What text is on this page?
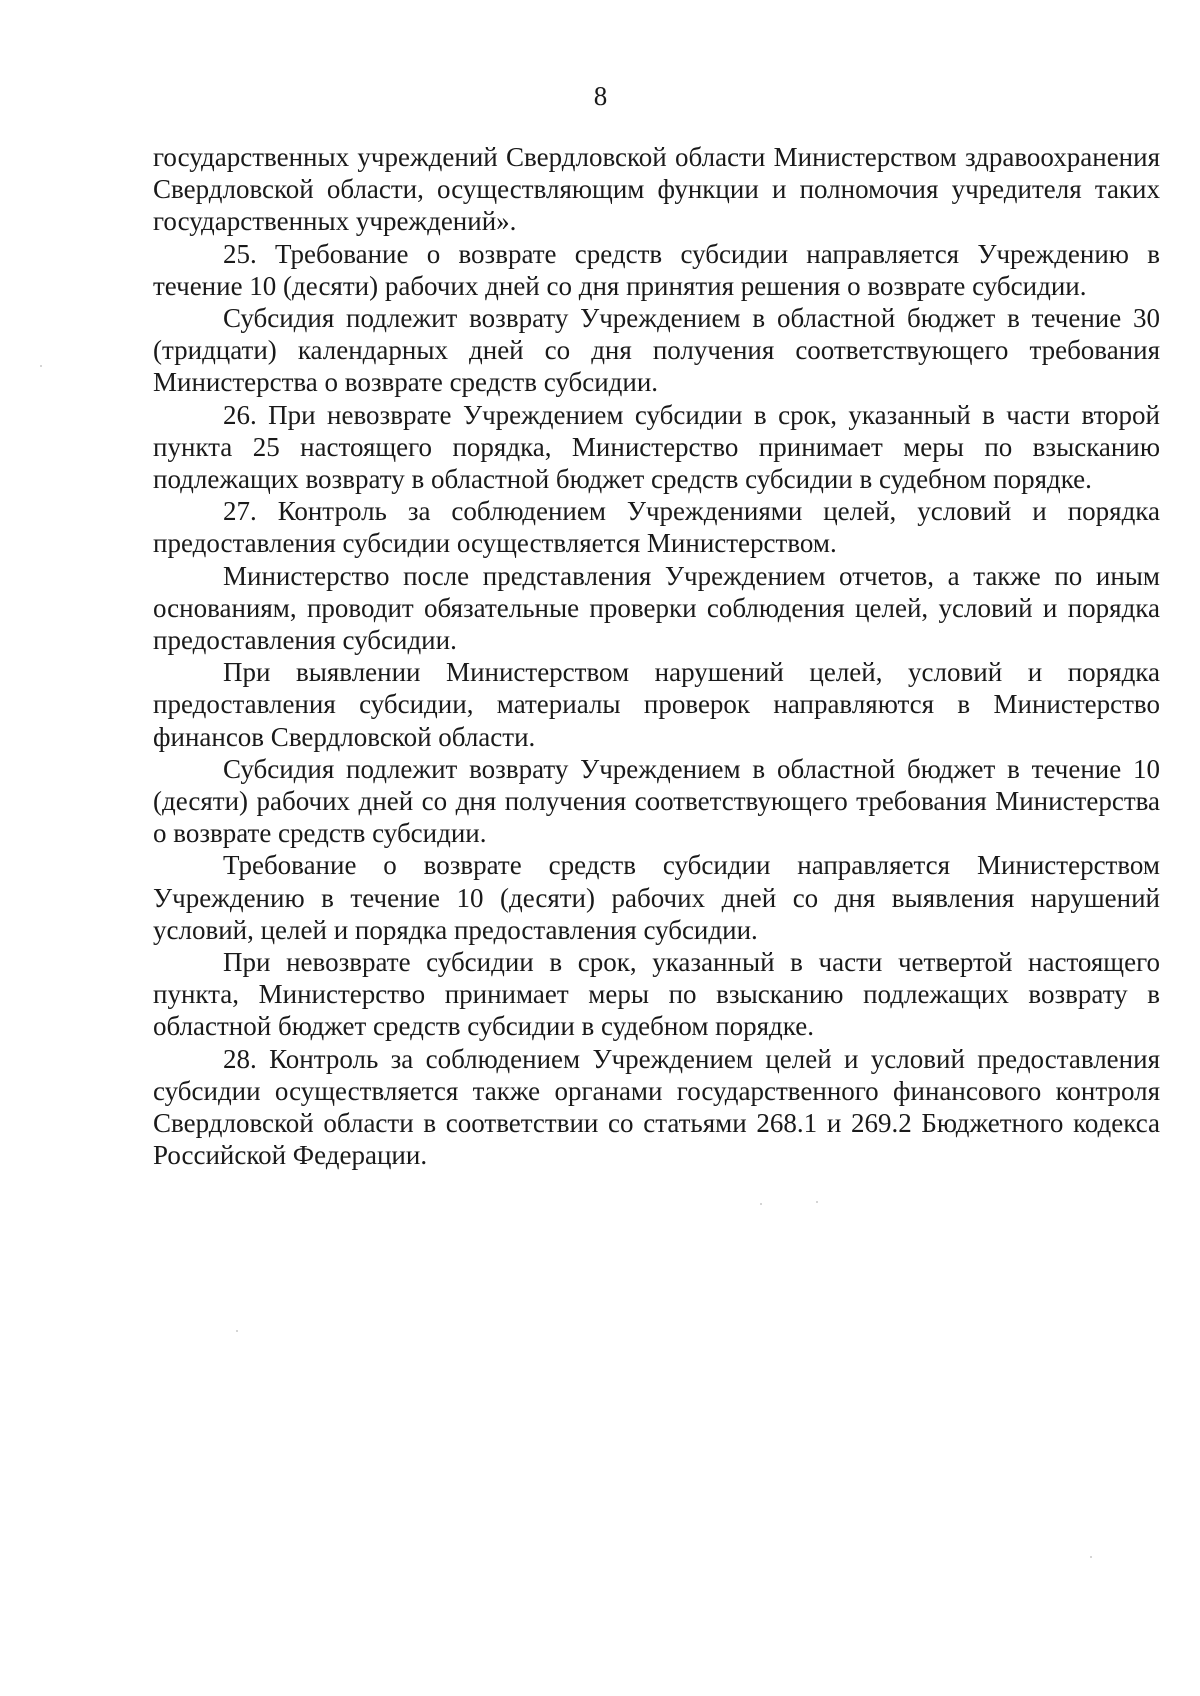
8

государственных учреждений Свердловской области Министерством здравоохранения Свердловской области, осуществляющим функции и полномочия учредителя таких государственных учреждений».

25. Требование о возврате средств субсидии направляется Учреждению в течение 10 (десяти) рабочих дней со дня принятия решения о возврате субсидии.

Субсидия подлежит возврату Учреждением в областной бюджет в течение 30 (тридцати) календарных дней со дня получения соответствующего требования Министерства о возврате средств субсидии.

26. При невозврате Учреждением субсидии в срок, указанный в части второй пункта 25 настоящего порядка, Министерство принимает меры по взысканию подлежащих возврату в областной бюджет средств субсидии в судебном порядке.

27. Контроль за соблюдением Учреждениями целей, условий и порядка предоставления субсидии осуществляется Министерством.

Министерство после представления Учреждением отчетов, а также по иным основаниям, проводит обязательные проверки соблюдения целей, условий и порядка предоставления субсидии.

При выявлении Министерством нарушений целей, условий и порядка предоставления субсидии, материалы проверок направляются в Министерство финансов Свердловской области.

Субсидия подлежит возврату Учреждением в областной бюджет в течение 10 (десяти) рабочих дней со дня получения соответствующего требования Министерства о возврате средств субсидии.

Требование о возврате средств субсидии направляется Министерством Учреждению в течение 10 (десяти) рабочих дней со дня выявления нарушений условий, целей и порядка предоставления субсидии.

При невозврате субсидии в срок, указанный в части четвертой настоящего пункта, Министерство принимает меры по взысканию подлежащих возврату в областной бюджет средств субсидии в судебном порядке.

28. Контроль за соблюдением Учреждением целей и условий предоставления субсидии осуществляется также органами государственного финансового контроля Свердловской области в соответствии со статьями 268.1 и 269.2 Бюджетного кодекса Российской Федерации.
